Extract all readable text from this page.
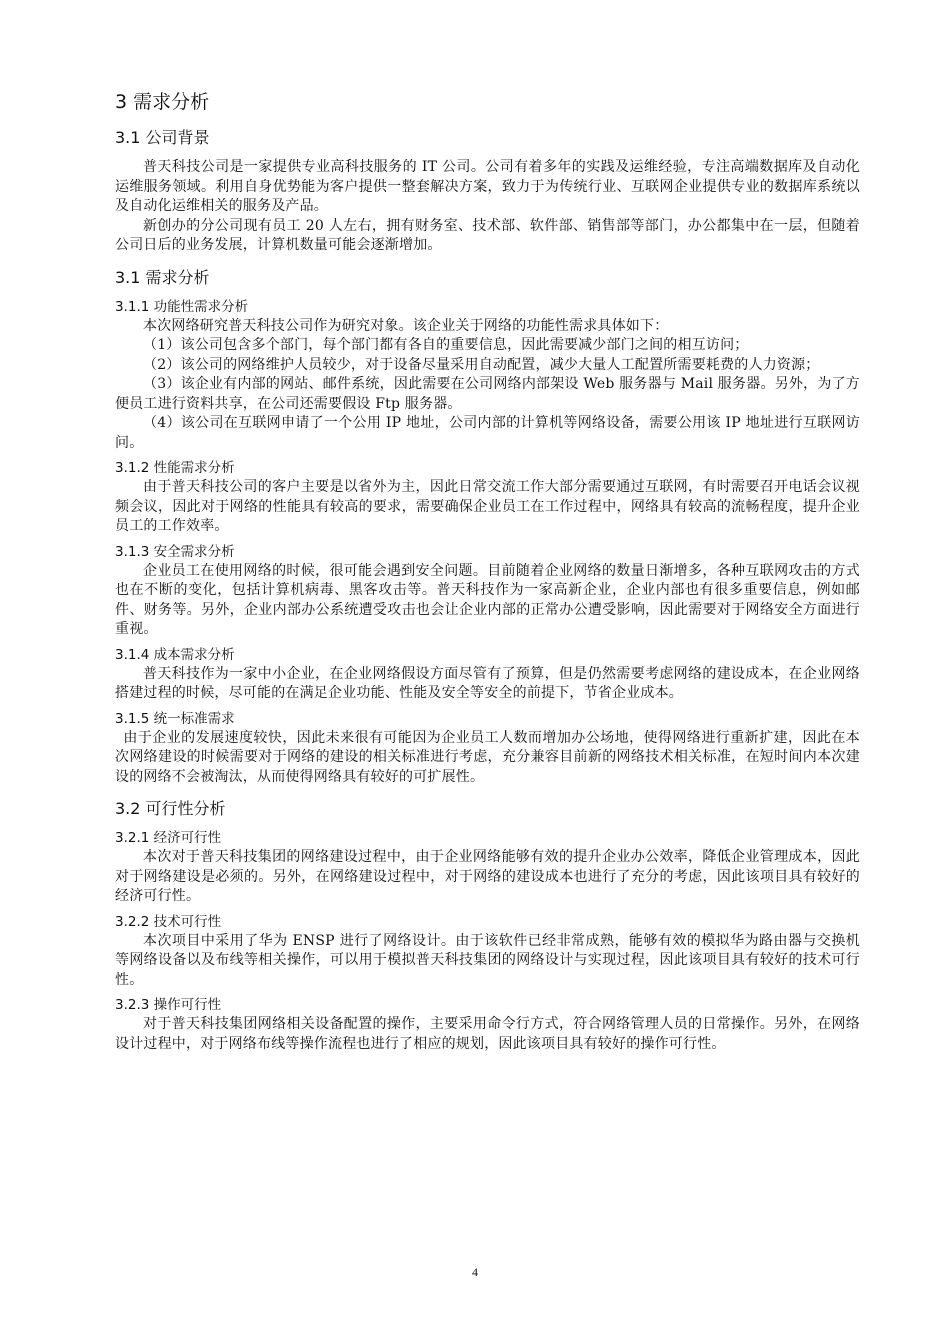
3 需求分析
3.1 公司背景

普天科技公司是一家提供专业高科技服务的 IT 公司。公司有着多年的实践及运维经验，专注高端数据库及自动化运维服务领域。利用自身优势能为客户提供一整套解决方案，致力于为传统行业、互联网企业提供专业的数据库系统以及自动化运维相关的服务及产品。

新创办的分公司现有员工 20 人左右，拥有财务室、技术部、软件部、销售部等部门，办公都集中在一层，但随着公司日后的业务发展，计算机数量可能会逐渐增加。

3.1 需求分析
3.1.1 功能性需求分析

本次网络研究普天科技公司作为研究对象。该企业关于网络的功能性需求具体如下：

（1）该公司包含多个部门，每个部门都有各自的重要信息，因此需要减少部门之间的相互访问；

（2）该公司的网络维护人员较少，对于设备尽量采用自动配置，减少大量人工配置所需要耗费的人力资源；

（3）该企业有内部的网站、邮件系统，因此需要在公司网络内部架设 Web 服务器与 Mail 服务器。另外，为了方便员工进行资料共享，在公司还需要假设 Ftp 服务器。

（4）该公司在互联网申请了一个公用 IP 地址，公司内部的计算机等网络设备，需要公用该 IP 地址进行互联网访问。

3.1.2 性能需求分析

由于普天科技公司的客户主要是以省外为主，因此日常交流工作大部分需要通过互联网，有时需要召开电话会议视频会议，因此对于网络的性能具有较高的要求，需要确保企业员工在工作过程中，网络具有较高的流畅程度，提升企业员工的工作效率。

3.1.3 安全需求分析

企业员工在使用网络的时候，很可能会遇到安全问题。目前随着企业网络的数量日渐增多，各种互联网攻击的方式也在不断的变化，包括计算机病毒、黑客攻击等。普天科技作为一家高新企业，企业内部也有很多重要信息，例如邮件、财务等。另外，企业内部办公系统遭受攻击也会让企业内部的正常办公遭受影响，因此需要对于网络安全方面进行重视。

3.1.4 成本需求分析

普天科技作为一家中小企业，在企业网络假设方面尽管有了预算，但是仍然需要考虑网络的建设成本，在企业网络搭建过程的时候，尽可能的在满足企业功能、性能及安全等安全的前提下，节省企业成本。

3.1.5 统一标准需求

由于企业的发展速度较快，因此未来很有可能因为企业员工人数而增加办公场地，使得网络进行重新扩建，因此在本次网络建设的时候需要对于网络的建设的相关标准进行考虑，充分兼容目前新的网络技术相关标准，在短时间内本次建设的网络不会被淘汰，从而使得网络具有较好的可扩展性。

3.2 可行性分析
3.2.1 经济可行性

本次对于普天科技集团的网络建设过程中，由于企业网络能够有效的提升企业办公效率，降低企业管理成本，因此对于网络建设是必须的。另外，在网络建设过程中，对于网络的建设成本也进行了充分的考虑，因此该项目具有较好的经济可行性。

3.2.2 技术可行性

本次项目中采用了华为 ENSP 进行了网络设计。由于该软件已经非常成熟，能够有效的模拟华为路由器与交换机等网络设备以及布线等相关操作，可以用于模拟普天科技集团的网络设计与实现过程，因此该项目具有较好的技术可行性。

3.2.3 操作可行性

对于普天科技集团网络相关设备配置的操作，主要采用命令行方式，符合网络管理人员的日常操作。另外，在网络设计过程中，对于网络布线等操作流程也进行了相应的规划，因此该项目具有较好的操作可行性。

4
